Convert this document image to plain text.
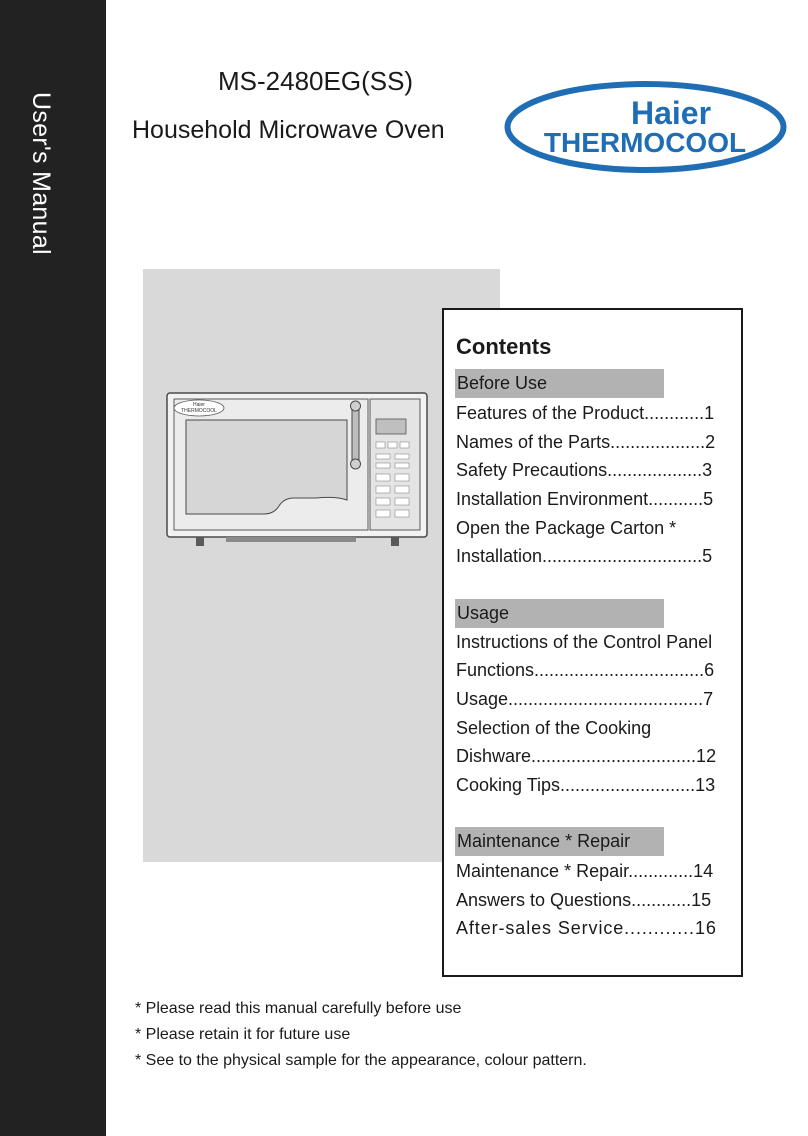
User's Manual
MS-2480EG(SS)
Household Microwave Oven	Haier
THERMOCOOL
Haier
THERMOCOOL
Contents
Before Use
Features of the Product............1
Names of the Parts...................2
Safety Precautions...................3
Installation Environment...........5
Open the Package Carton *
Installation................................5
Usage
Instructions of the Control Panel
Functions..................................6
Usage.......................................7
Selection of the Cooking
Dishware.................................12
Cooking Tips...........................13
Maintenance * Repair
Maintenance * Repair.............14
Answers to Questions............15
After-sales Service............16
* Please read this manual carefully before use
* Please retain it for future use
* See to the physical sample for the appearance, colour pattern.
